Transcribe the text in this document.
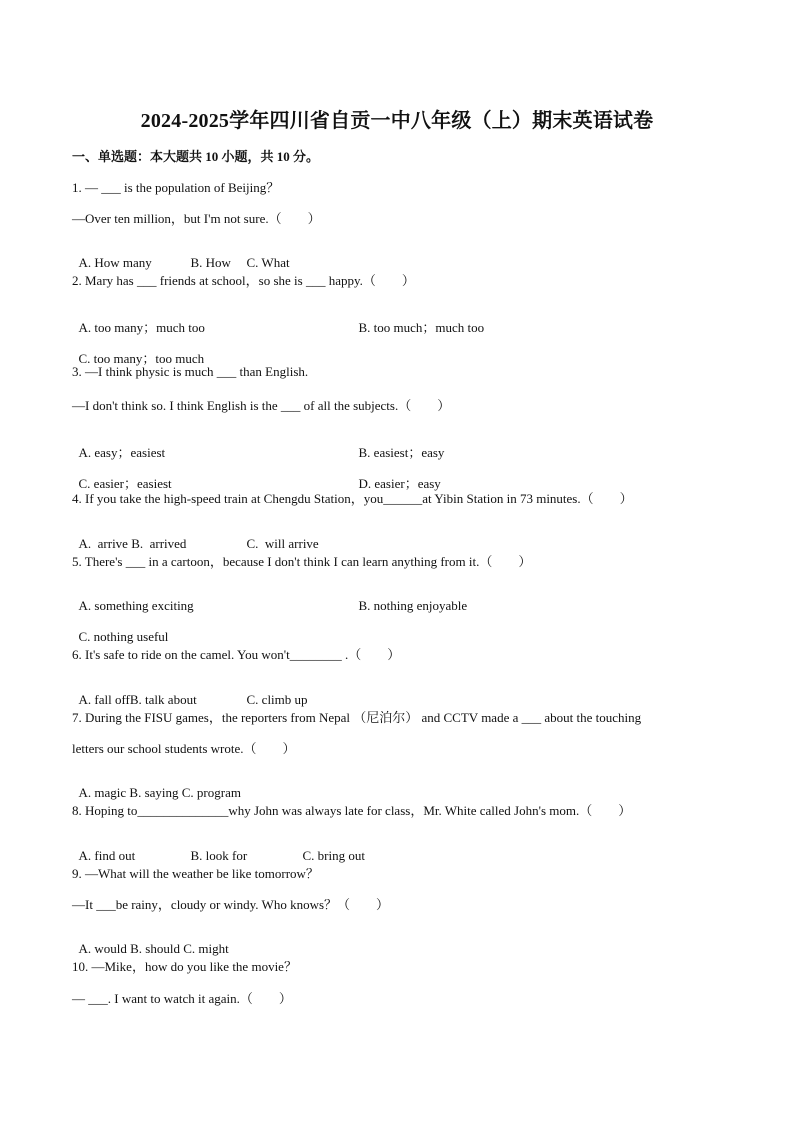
2024-2025学年四川省自贡一中八年级（上）期末英语试卷
一、单选题：本大题共 10 小题，共 10 分。
1. — ___ is the population of Beijing？
—Over ten million，but I'm not sure.（　　）

A. How many	B. How C. What

2. Mary has ___ friends at school，so she is ___ happy.（　　）

A. too many；much too	B. too much；much too

C. too many；too much

3. —I think physic is much ___ than English.
—I don't think so. I think English is the ___ of all the subjects.（　　）

A. easy；easiest	B. easiest；easy

C. easier；easiest	D. easier；easy

4. If you take the high-speed train at Chengdu Station，you______at Yibin Station in 73 minutes.（　　）

A.  arrive B.  arrived	C.  will arrive

5. There's ___ in a cartoon，because I don't think I can learn anything from it.（　　）

A. something exciting	B. nothing enjoyable

C. nothing useful

6. It's safe to ride on the camel. You won't________ .（　　）

A. fall offB. talk about	C. climb up

7. During the FISU games，the reporters from Nepal （尼泊尔） and CCTV made a ___ about the touching
letters our school students wrote.（　　）

A. magic B. saying C. program

8. Hoping to______________why John was always late for class，Mr. White called John's mom.（　　）

A. find out	B. look for	C. bring out

9. —What will the weather be like tomorrow？
—It ___be rainy，cloudy or windy. Who knows？（　　）

A. would B. should C. might

10. —Mike，how do you like the movie？
— ___. I want to watch it again.（　　）
